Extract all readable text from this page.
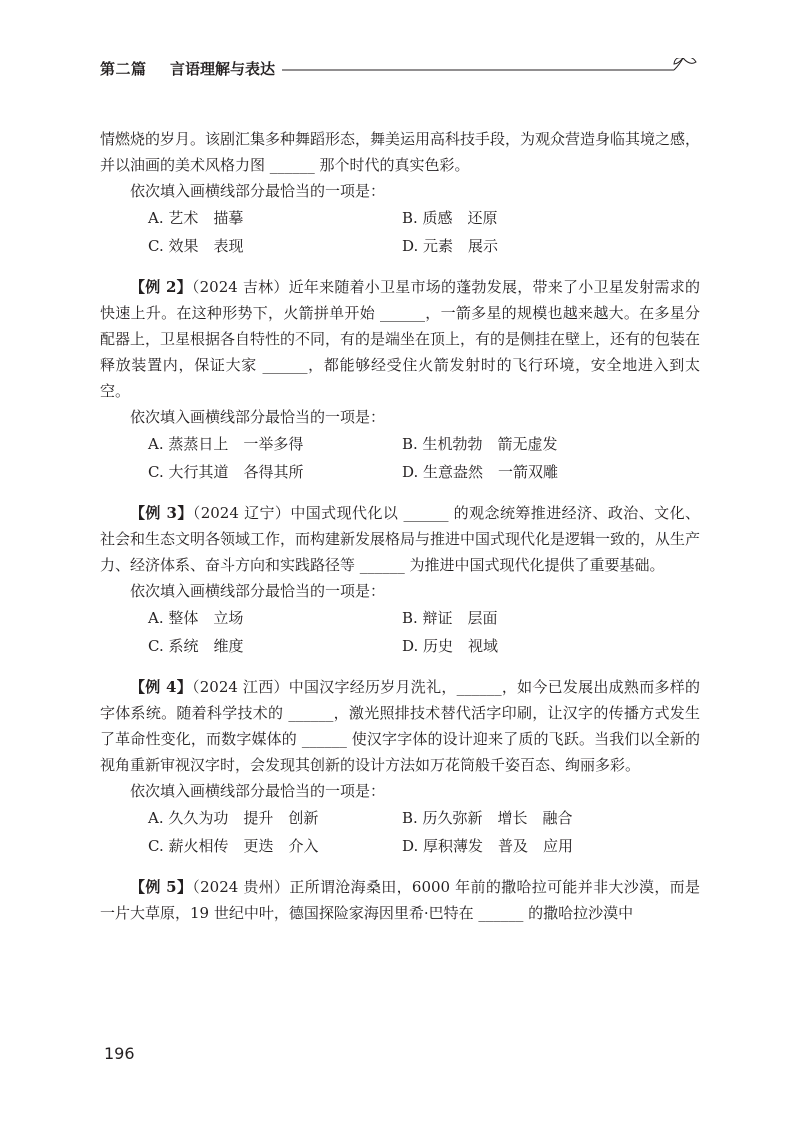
第二篇 言语理解与表达

情燃烧的岁月。该剧汇集多种舞蹈形态，舞美运用高科技手段，为观众营造身临其境之感，并以油画的美术风格力图 ______ 那个时代的真实色彩。

依次填入画横线部分最恰当的一项是：

A. 艺术　描摹	B. 质感　还原
C. 效果　表现	D. 元素　展示

【例 2】（2024 吉林）近年来随着小卫星市场的蓬勃发展，带来了小卫星发射需求的快速上升。在这种形势下，火箭拼单开始 ______，一箭多星的规模也越来越大。在多星分配器上，卫星根据各自特性的不同，有的是端坐在顶上，有的是侧挂在壁上，还有的包装在释放装置内，保证大家 ______，都能够经受住火箭发射时的飞行环境，安全地进入到太空。

依次填入画横线部分最恰当的一项是：

A. 蒸蒸日上　一举多得	B. 生机勃勃　箭无虚发
C. 大行其道　各得其所	D. 生意盎然　一箭双雕

【例 3】（2024 辽宁）中国式现代化以 ______ 的观念统筹推进经济、政治、文化、社会和生态文明各领域工作，而构建新发展格局与推进中国式现代化是逻辑一致的，从生产力、经济体系、奋斗方向和实践路径等 ______ 为推进中国式现代化提供了重要基础。

依次填入画横线部分最恰当的一项是：

A. 整体　立场	B. 辩证　层面
C. 系统　维度	D. 历史　视域

【例 4】（2024 江西）中国汉字经历岁月洗礼，______，如今已发展出成熟而多样的字体系统。随着科学技术的 ______，激光照排技术替代活字印刷，让汉字的传播方式发生了革命性变化，而数字媒体的 ______ 使汉字字体的设计迎来了质的飞跃。当我们以全新的视角重新审视汉字时，会发现其创新的设计方法如万花筒般千姿百态、绚丽多彩。

依次填入画横线部分最恰当的一项是：

A. 久久为功　提升　创新	B. 历久弥新　增长　融合
C. 薪火相传　更迭　介入	D. 厚积薄发　普及　应用

【例 5】（2024 贵州）正所谓沧海桑田，6000 年前的撒哈拉可能并非大沙漠，而是一片大草原，19 世纪中叶，德国探险家海因里希·巴特在 ______ 的撒哈拉沙漠中

196
